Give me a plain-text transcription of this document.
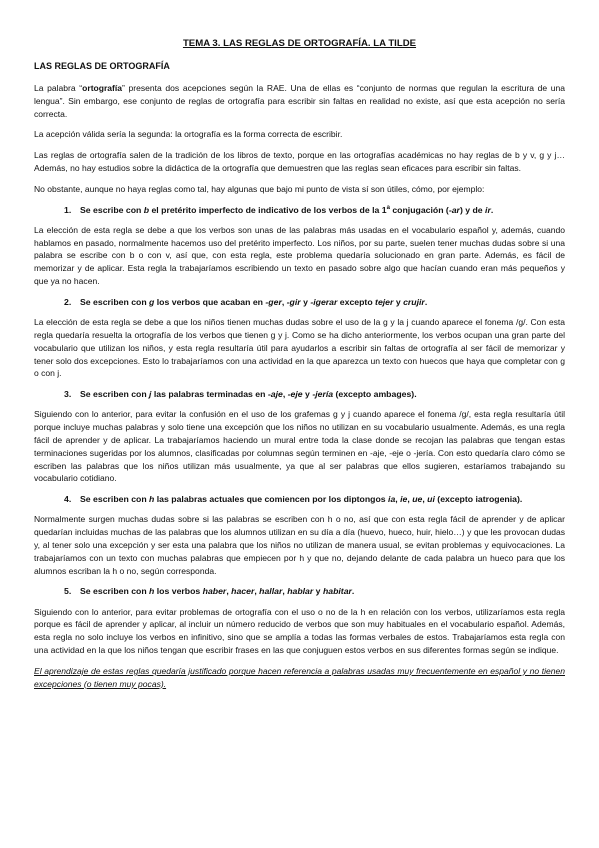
TEMA 3. LAS REGLAS DE ORTOGRAFÍA. LA TILDE
LAS REGLAS DE ORTOGRAFÍA

La palabra “ortografía” presenta dos acepciones según la RAE. Una de ellas es “conjunto de normas que regulan la escritura de una lengua”. Sin embargo, ese conjunto de reglas de ortografía para escribir sin faltas en realidad no existe, así que esta acepción no sería correcta.

La acepción válida sería la segunda: la ortografía es la forma correcta de escribir.

Las reglas de ortografía salen de la tradición de los libros de texto, porque en las ortografías académicas no hay reglas de b y v, g y j… Además, no hay estudios sobre la didáctica de la ortografía que demuestren que las reglas sean eficaces para escribir sin faltas.

No obstante, aunque no haya reglas como tal, hay algunas que bajo mi punto de vista sí son útiles, cómo, por ejemplo:

1. Se escribe con b el pretérito imperfecto de indicativo de los verbos de la 1$^a$ conjugación (-ar) y de ir.

La elección de esta regla se debe a que los verbos son unas de las palabras más usadas en el vocabulario español y, además, cuando hablamos en pasado, normalmente hacemos uso del pretérito imperfecto. Los niños, por su parte, suelen tener muchas dudas sobre si una palabra se escribe con b o con v, así que, con esta regla, este problema quedaría solucionado en gran parte. Además, es fácil de memorizar y de aplicar. Esta regla la trabajaríamos escribiendo un texto en pasado sobre algo que hacían cuando eran más pequeños y que ya no hacen.

2. Se escriben con g los verbos que acaban en -ger, -gir y -igerar excepto tejer y crujir.

La elección de esta regla se debe a que los niños tienen muchas dudas sobre el uso de la g y la j cuando aparece el fonema /g/. Con esta regla quedaría resuelta la ortografía de los verbos que tienen g y j. Como se ha dicho anteriormente, los verbos ocupan una gran parte del vocabulario que utilizan los niños, y esta regla resultaría útil para ayudarlos a escribir sin faltas de ortografía al ser fácil de memorizar y tener solo dos excepciones. Esto lo trabajaríamos con una actividad en la que aparezca un texto con huecos que haya que completar con g o con j.

3. Se escriben con j las palabras terminadas en -aje, -eje y -jería (excepto ambages).

Siguiendo con lo anterior, para evitar la confusión en el uso de los grafemas g y j cuando aparece el fonema /g/, esta regla resultaría útil porque incluye muchas palabras y solo tiene una excepción que los niños no utilizan en su vocabulario usualmente. Además, es una regla fácil de aprender y de aplicar. La trabajaríamos haciendo un mural entre toda la clase donde se recojan las palabras que tengan estas terminaciones sugeridas por los alumnos, clasificadas por columnas según terminen en -aje, -eje o -jería. Con esto quedaría claro cómo se escriben las palabras que los niños utilizan más usualmente, ya que al ser palabras que ellos sugieren, estaríamos trabajando su vocabulario cotidiano.

4. Se escriben con h las palabras actuales que comiencen por los diptongos ia, ie, ue, ui (excepto iatrogenia).

Normalmente surgen muchas dudas sobre si las palabras se escriben con h o no, así que con esta regla fácil de aprender y de aplicar quedarían incluidas muchas de las palabras que los alumnos utilizan en su día a día (huevo, hueco, huir, hielo…) y que les provocan dudas y, al tener solo una excepción y ser esta una palabra que los niños no utilizan de manera usual, se evitan problemas y equivocaciones. La trabajaríamos con un texto con muchas palabras que empiecen por h y que no, dejando delante de cada palabra un hueco para que los alumnos escriban la h o no, según corresponda.

5. Se escriben con h los verbos haber, hacer, hallar, hablar y habitar.

Siguiendo con lo anterior, para evitar problemas de ortografía con el uso o no de la h en relación con los verbos, utilizaríamos esta regla porque es fácil de aprender y aplicar, al incluir un número reducido de verbos que son muy habituales en el vocabulario español. Además, esta regla no solo incluye los verbos en infinitivo, sino que se amplía a todas las formas verbales de estos. Trabajaríamos esta regla con una actividad en la que los niños tengan que escribir frases en las que conjuguen estos verbos en sus diferentes formas según se indique.

El aprendizaje de estas reglas quedaría justificado porque hacen referencia a palabras usadas muy frecuentemente en español y no tienen excepciones (o tienen muy pocas).
